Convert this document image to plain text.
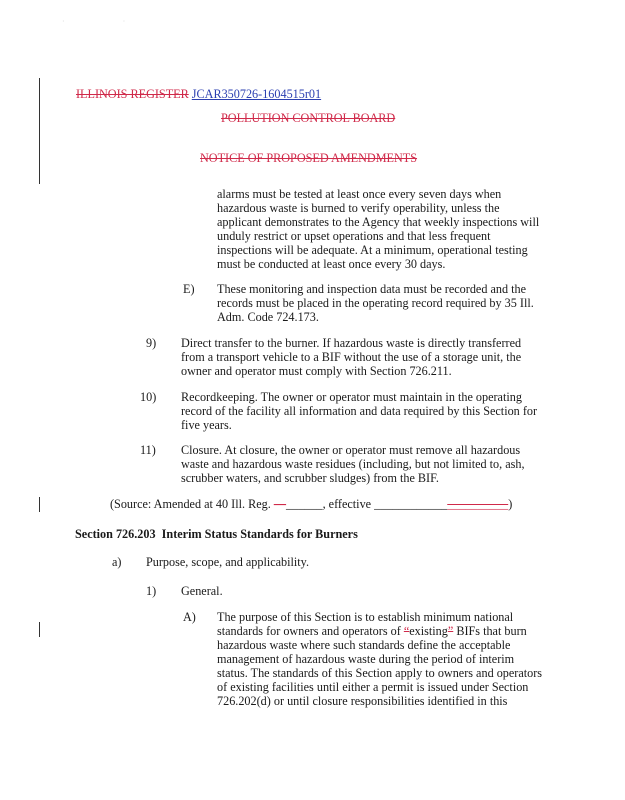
· ·
ILLINOIS REGISTER JCAR350726-1604515r01
POLLUTION CONTROL BOARD
NOTICE OF PROPOSED AMENDMENTS
alarms must be tested at least once every seven days when
hazardous waste is burned to verify operability, unless the
applicant demonstrates to the Agency that weekly inspections will
unduly restrict or upset operations and that less frequent
inspections will be adequate. At a minimum, operational testing
must be conducted at least once every 30 days.
E) These monitoring and inspection data must be recorded and the
records must be placed in the operating record required by 35 Ill.
Adm. Code 724.173.
9) Direct transfer to the burner. If hazardous waste is directly transferred
from a transport vehicle to a BIF without the use of a storage unit, the
owner and operator must comply with Section 726.211.
10) Recordkeeping. The owner or operator must maintain in the operating
record of the facility all information and data required by this Section for
five years.
11) Closure. At closure, the owner or operator must remove all hazardous
waste and hazardous waste residues (including, but not limited to, ash,
scrubber waters, and scrubber sludges) from the BIF.
(Source: Amended at 40 Ill. Reg. —______, effective ______________________)
Section 726.203 Interim Status Standards for Burners
a) Purpose, scope, and applicability.
1) General.
A) The purpose of this Section is to establish minimum national
standards for owners and operators of “existing” BIFs that burn
hazardous waste where such standards define the acceptable
management of hazardous waste during the period of interim
status. The standards of this Section apply to owners and operators
of existing facilities until either a permit is issued under Section
726.202(d) or until closure responsibilities identified in this
